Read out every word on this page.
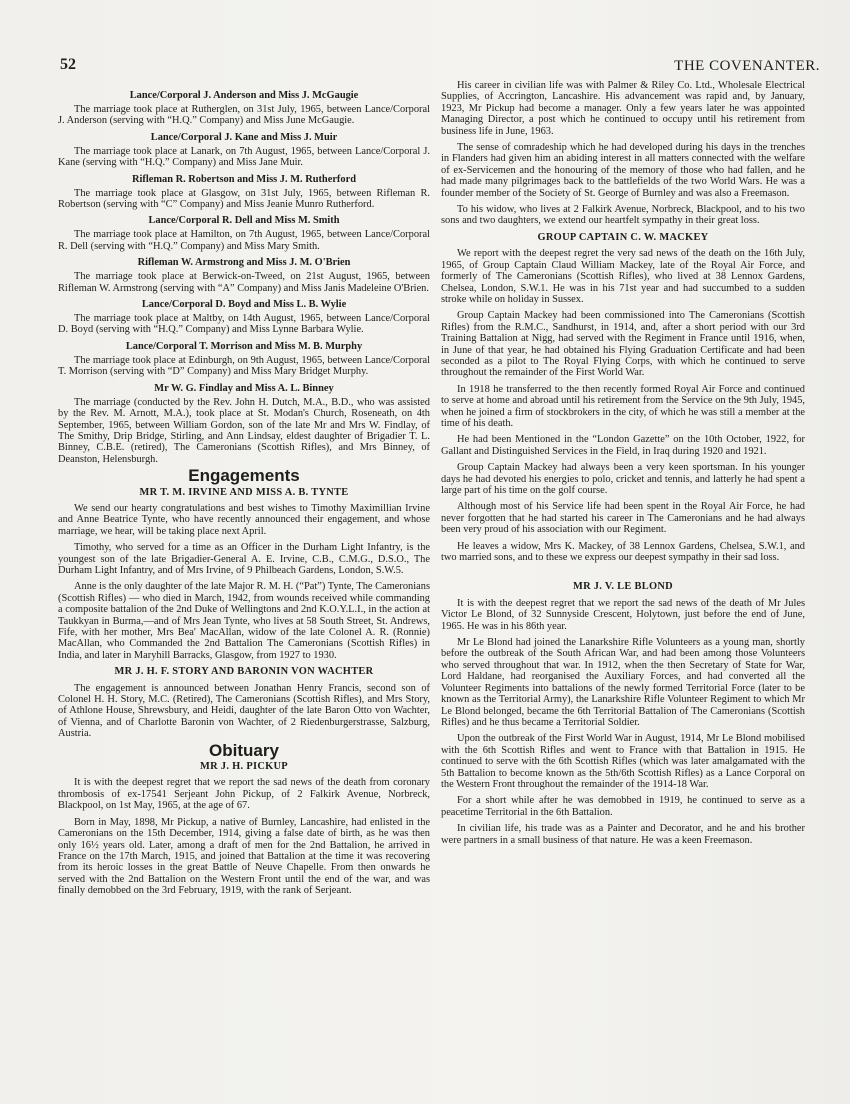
52	THE COVENANTER.
Lance/Corporal J. Anderson and Miss J. McGaugie

The marriage took place at Rutherglen, on 31st July, 1965, between Lance/Corporal J. Anderson (serving with “H.Q.” Company) and Miss June McGaugie.

Lance/Corporal J. Kane and Miss J. Muir

The marriage took place at Lanark, on 7th August, 1965, between Lance/Corporal J. Kane (serving with “H.Q.” Company) and Miss Jane Muir.

Rifleman R. Robertson and Miss J. M. Rutherford

The marriage took place at Glasgow, on 31st July, 1965, between Rifleman R. Robertson (serving with “C” Company) and Miss Jeanie Munro Rutherford.

Lance/Corporal R. Dell and Miss M. Smith

The marriage took place at Hamilton, on 7th August, 1965, between Lance/Corporal R. Dell (serving with “H.Q.” Company) and Miss Mary Smith.

Rifleman W. Armstrong and Miss J. M. O'Brien

The marriage took place at Berwick-on-Tweed, on 21st August, 1965, between Rifleman W. Armstrong (serving with “A” Company) and Miss Janis Madeleine O'Brien.

Lance/Corporal D. Boyd and Miss L. B. Wylie

The marriage took place at Maltby, on 14th August, 1965, between Lance/Corporal D. Boyd (serving with “H.Q.” Company) and Miss Lynne Barbara Wylie.

Lance/Corporal T. Morrison and Miss M. B. Murphy

The marriage took place at Edinburgh, on 9th August, 1965, between Lance/Corporal T. Morrison (serving with “D” Company) and Miss Mary Bridget Murphy.

Mr W. G. Findlay and Miss A. L. Binney

The marriage (conducted by the Rev. John H. Dutch, M.A., B.D., who was assisted by the Rev. M. Arnott, M.A.), took place at St. Modan's Church, Roseneath, on 4th September, 1965, between William Gordon, son of the late Mr and Mrs W. Findlay, of The Smithy, Drip Bridge, Stirling, and Ann Lindsay, eldest daughter of Brigadier T. L. Binney, C.B.E. (retired), The Cameronians (Scottish Rifles), and Mrs Binney, of Deanston, Helensburgh.

Engagements
MR T. M. IRVINE AND MISS A. B. TYNTE

We send our hearty congratulations and best wishes to Timothy Maximillian Irvine and Anne Beatrice Tynte, who have recently announced their engagement, and whose marriage, we hear, will be taking place next April.

Timothy, who served for a time as an Officer in the Durham Light Infantry, is the youngest son of the late Brigadier-General A. E. Irvine, C.B., C.M.G., D.S.O., The Durham Light Infantry, and of Mrs Irvine, of 9 Philbeach Gardens, London, S.W.5.

Anne is the only daughter of the late Major R. M. H. (“Pat”) Tynte, The Cameronians (Scottish Rifles) — who died in March, 1942, from wounds received while commanding a composite battalion of the 2nd Duke of Wellingtons and 2nd K.O.Y.L.I., in the action at Taukkyan in Burma,—and of Mrs Jean Tynte, who lives at 58 South Street, St. Andrews, Fife, with her mother, Mrs Bea' MacAllan, widow of the late Colonel A. R. (Ronnie) MacAllan, who Commanded the 2nd Battalion The Cameronians (Scottish Rifles) in India, and later in Maryhill Barracks, Glasgow, from 1927 to 1930.

MR J. H. F. STORY AND BARONIN VON WACHTER

The engagement is announced between Jonathan Henry Francis, second son of Colonel H. H. Story, M.C. (Retired), The Cameronians (Scottish Rifles), and Mrs Story, of Athlone House, Shrewsbury, and Heidi, daughter of the late Baron Otto von Wachter, of Vienna, and of Charlotte Baronin von Wachter, of 2 Riedenburgerstrasse, Salzburg, Austria.

Obituary
MR J. H. PICKUP

It is with the deepest regret that we report the sad news of the death from coronary thrombosis of ex-17541 Serjeant John Pickup, of 2 Falkirk Avenue, Norbreck, Blackpool, on 1st May, 1965, at the age of 67.

Born in May, 1898, Mr Pickup, a native of Burnley, Lancashire, had enlisted in the Cameronians on the 15th December, 1914, giving a false date of birth, as he was then only 16½ years old. Later, among a draft of men for the 2nd Battalion, he arrived in France on the 17th March, 1915, and joined that Battalion at the time it was recovering from its heroic losses in the great Battle of Neuve Chapelle. From then onwards he served with the 2nd Battalion on the Western Front until the end of the war, and was finally demobbed on the 3rd February, 1919, with the rank of Serjeant.

His career in civilian life was with Palmer & Riley Co. Ltd., Wholesale Electrical Supplies, of Accrington, Lancashire. His advancement was rapid and, by January, 1923, Mr Pickup had become a manager. Only a few years later he was appointed Managing Director, a post which he continued to occupy until his retirement from business life in June, 1963.

The sense of comradeship which he had developed during his days in the trenches in Flanders had given him an abiding interest in all matters connected with the welfare of ex-Servicemen and the honouring of the memory of those who had fallen, and he had made many pilgrimages back to the battlefields of the two World Wars. He was a founder member of the Society of St. George of Burnley and was also a Freemason.

To his widow, who lives at 2 Falkirk Avenue, Norbreck, Blackpool, and to his two sons and two daughters, we extend our heartfelt sympathy in their great loss.

GROUP CAPTAIN C. W. MACKEY

We report with the deepest regret the very sad news of the death on the 16th July, 1965, of Group Captain Claud William Mackey, late of the Royal Air Force, and formerly of The Cameronians (Scottish Rifles), who lived at 38 Lennox Gardens, Chelsea, London, S.W.1. He was in his 71st year and had succumbed to a sudden stroke while on holiday in Sussex.

Group Captain Mackey had been commissioned into The Cameronians (Scottish Rifles) from the R.M.C., Sandhurst, in 1914, and, after a short period with our 3rd Training Battalion at Nigg, had served with the Regiment in France until 1916, when, in June of that year, he had obtained his Flying Graduation Certificate and had been seconded as a pilot to The Royal Flying Corps, with which he continued to serve throughout the remainder of the First World War.

In 1918 he transferred to the then recently formed Royal Air Force and continued to serve at home and abroad until his retirement from the Service on the 9th July, 1945, when he joined a firm of stockbrokers in the city, of which he was still a member at the time of his death.

He had been Mentioned in the “London Gazette” on the 10th October, 1922, for Gallant and Distinguished Services in the Field, in Iraq during 1920 and 1921.

Group Captain Mackey had always been a very keen sportsman. In his younger days he had devoted his energies to polo, cricket and tennis, and latterly he had spent a large part of his time on the golf course.

Although most of his Service life had been spent in the Royal Air Force, he had never forgotten that he had started his career in The Cameronians and he had always been very proud of his association with our Regiment.

He leaves a widow, Mrs K. Mackey, of 38 Lennox Gardens, Chelsea, S.W.1, and two married sons, and to these we express our deepest sympathy in their sad loss.

MR J. V. LE BLOND

It is with the deepest regret that we report the sad news of the death of Mr Jules Victor Le Blond, of 32 Sunnyside Crescent, Holytown, just before the end of June, 1965. He was in his 86th year.

Mr Le Blond had joined the Lanarkshire Rifle Volunteers as a young man, shortly before the outbreak of the South African War, and had been among those Volunteers who served throughout that war. In 1912, when the then Secretary of State for War, Lord Haldane, had reorganised the Auxiliary Forces, and had converted all the Volunteer Regiments into battalions of the newly formed Territorial Force (later to be known as the Territorial Army), the Lanarkshire Rifle Volunteer Regiment to which Mr Le Blond belonged, became the 6th Territorial Battalion of The Cameronians (Scottish Rifles) and he thus became a Territorial Soldier.

Upon the outbreak of the First World War in August, 1914, Mr Le Blond mobilised with the 6th Scottish Rifles and went to France with that Battalion in 1915. He continued to serve with the 6th Scottish Rifles (which was later amalgamated with the 5th Battalion to become known as the 5th/6th Scottish Rifles) as a Lance Corporal on the Western Front throughout the remainder of the 1914-18 War.

For a short while after he was demobbed in 1919, he continued to serve as a peacetime Territorial in the 6th Battalion.

In civilian life, his trade was as a Painter and Decorator, and he and his brother were partners in a small business of that nature. He was a keen Freemason.
